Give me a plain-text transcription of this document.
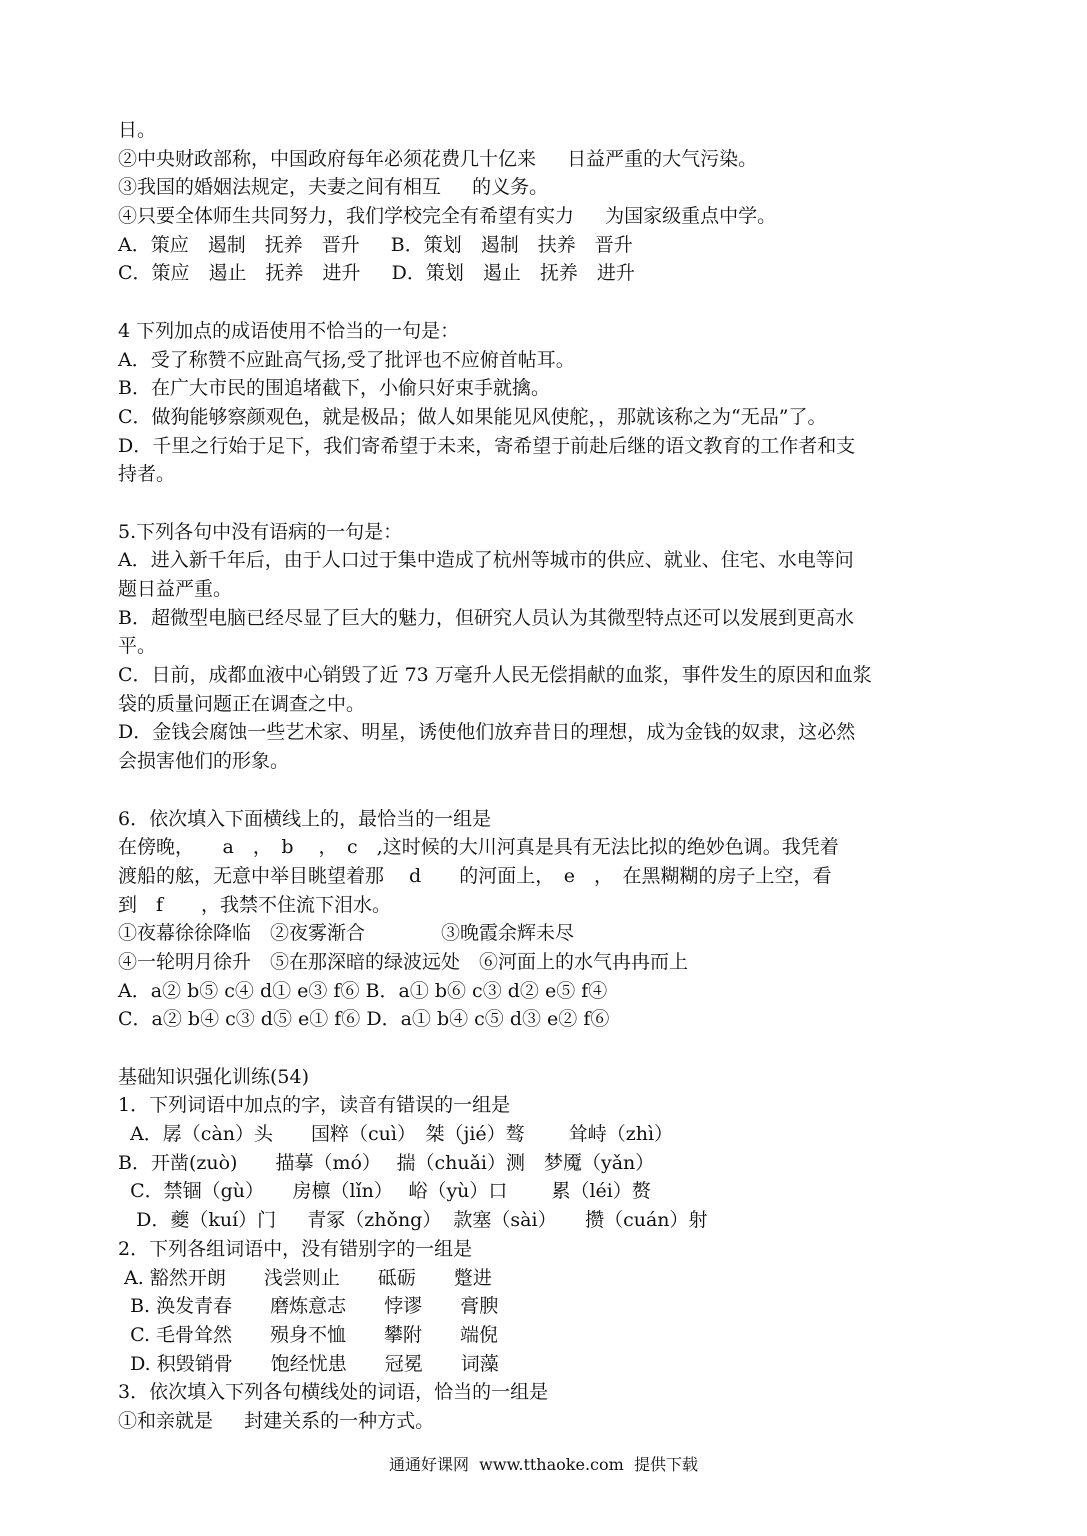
日。
②中央财政部称，中国政府每年必须花费几十亿来 　 日益严重的大气污染。
③我国的婚姻法规定，夫妻之间有相互 　 的义务。
④只要全体师生共同努力，我们学校完全有希望有实力 　 为国家级重点中学。
A．策应　遏制　抚养　晋升 　 B．策划　遏制　扶养　晋升
C．策应　遏止　抚养　进升 　 D．策划　遏止　抚养　进升
4 下列加点的成语使用不恰当的一句是：
A．受了称赞不应趾高气扬,受了批评也不应俯首帖耳。
B．在广大市民的围追堵截下，小偷只好束手就擒。
C．做狗能够察颜观色，就是极品；做人如果能见风使舵，，那就该称之为“无品”了。
D．千里之行始于足下，我们寄希望于未来，寄希望于前赴后继的语文教育的工作者和支
持者。
5.下列各句中没有语病的一句是：
A．进入新千年后，由于人口过于集中造成了杭州等城市的供应、就业、住宅、水电等问
题日益严重。
B．超微型电脑已经尽显了巨大的魅力，但研究人员认为其微型特点还可以发展到更高水
平。
C．日前，成都血液中心销毁了近 73 万毫升人民无偿捐献的血浆，事件发生的原因和血浆
袋的质量问题正在调查之中。
D．金钱会腐蚀一些艺术家、明星，诱使他们放弃昔日的理想，成为金钱的奴隶，这必然
会损害他们的形象。
6．依次填入下面横线上的，最恰当的一组是
在傍晚，　　a　，　b　 ，　c　,这时候的大川河真是具有无法比拟的绝妙色调。我凭着
渡船的舷，无意中举目眺望着那　 d　　的河面上，　e　，　在黑糊糊的房子上空，看
到　f　　，我禁不住流下泪水。
①夜幕徐徐降临　②夜雾渐合　　　　③晚霞余辉未尽
④一轮明月徐升　⑤在那深暗的绿波远处　⑥河面上的水气冉冉而上
A．a② b⑤ c④ d① e③ f⑥ B．a① b⑥ c③ d② e⑤ f④
C．a② b④ c③ d⑤ e① f⑥ D．a① b④ c⑤ d③ e② f⑥
基础知识强化训练(54)
1．下列词语中加点的字，读音有错误的一组是
A．孱（càn）头　　国粹（cuì）　桀（jié）骜　　 耸峙（zhì）
B．开凿(zuò)　　描摹（mó）　 揣（chuǎi）测　梦魇（yǎn）
C．禁锢（gù）　　房檩（lǐn）　 峪（yù）口　　 累（léi）赘
D．夔（kuí）门　  青冢（zhǒng）  款塞（sài）　　攒（cuán）射
2．下列各组词语中，没有错别字的一组是
A. 豁然开朗　　浅尝则止　　砥砺　　蹩进
B. 涣发青春　　磨炼意志　　悖谬　　膏腴
C. 毛骨耸然　　殒身不恤　　攀附　　端倪
D. 积毁销骨　　饱经忧患　　冠冕　　词藻
3．依次填入下列各句横线处的词语，恰当的一组是
①和亲就是 　 封建关系的一种方式。
通通好课网  www.tthaoke.com  提供下载
